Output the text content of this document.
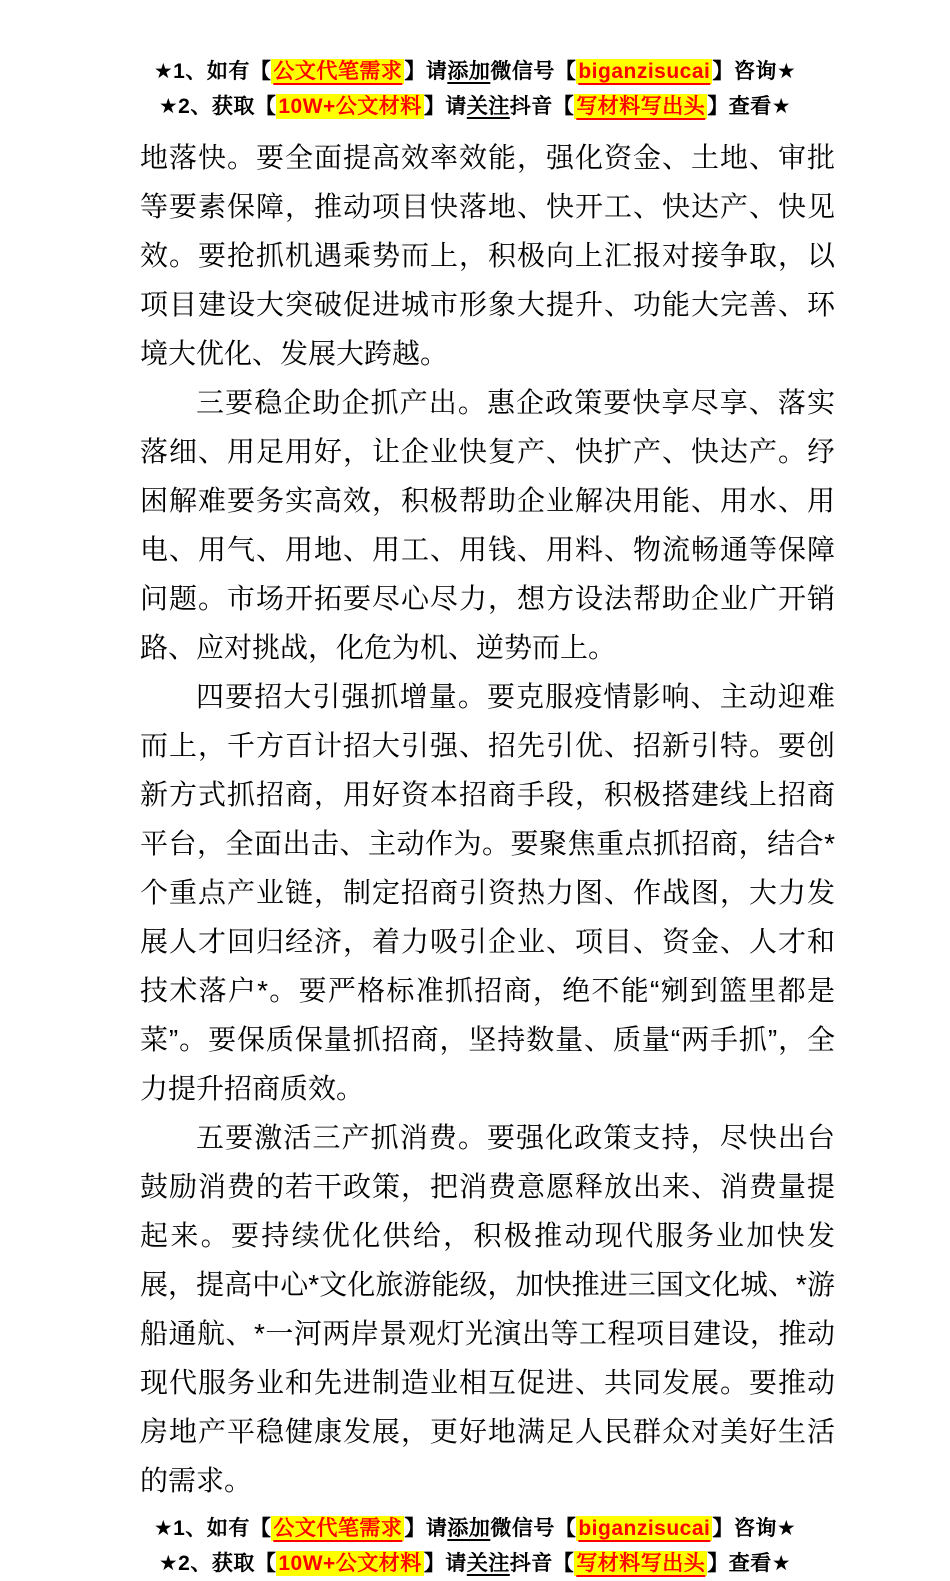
★1、如有【公文代笔需求】请添加微信号【biganzisucai】咨询★
★2、获取【10W+公文材料】请关注抖音【写材料写出头】查看★

地落快。要全面提高效率效能，强化资金、土地、审批等要素保障，推动项目快落地、快开工、快达产、快见效。要抢抓机遇乘势而上，积极向上汇报对接争取，以项目建设大突破促进城市形象大提升、功能大完善、环境大优化、发展大跨越。

三要稳企助企抓产出。惠企政策要快享尽享、落实落细、用足用好，让企业快复产、快扩产、快达产。纾困解难要务实高效，积极帮助企业解决用能、用水、用电、用气、用地、用工、用钱、用料、物流畅通等保障问题。市场开拓要尽心尽力，想方设法帮助企业广开销路、应对挑战，化危为机、逆势而上。

四要招大引强抓增量。要克服疫情影响、主动迎难而上，千方百计招大引强、招先引优、招新引特。要创新方式抓招商，用好资本招商手段，积极搭建线上招商平台，全面出击、主动作为。要聚焦重点抓招商，结合*个重点产业链，制定招商引资热力图、作战图，大力发展人才回归经济，着力吸引企业、项目、资金、人才和技术落户*。要严格标准抓招商，绝不能“剜到篮里都是菜”。要保质保量抓招商，坚持数量、质量“两手抓”，全力提升招商质效。

五要激活三产抓消费。要强化政策支持，尽快出台鼓励消费的若干政策，把消费意愿释放出来、消费量提起来。要持续优化供给，积极推动现代服务业加快发展，提高中心*文化旅游能级，加快推进三国文化城、*游船通航、*一河两岸景观灯光演出等工程项目建设，推动现代服务业和先进制造业相互促进、共同发展。要推动房地产平稳健康发展，更好地满足人民群众对美好生活的需求。

★1、如有【公文代笔需求】请添加微信号【biganzisucai】咨询★
★2、获取【10W+公文材料】请关注抖音【写材料写出头】查看★
